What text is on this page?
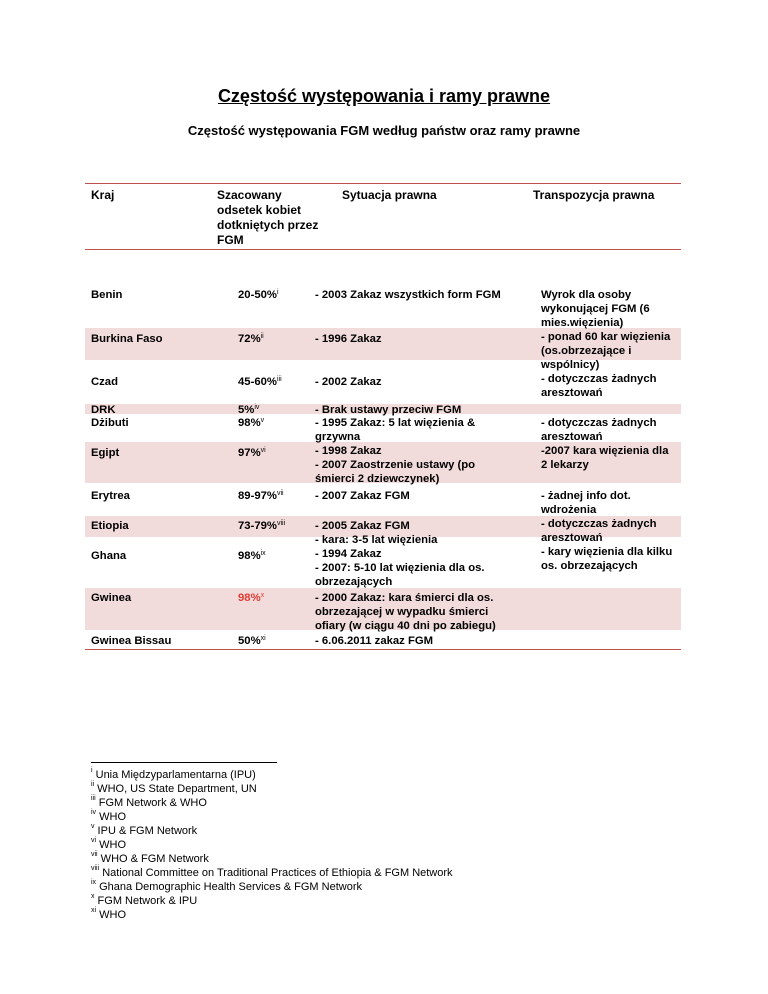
Częstość występowania i ramy prawne
Częstość występowania FGM według państw oraz ramy prawne
Kraj	Szacowany
odsetek kobiet
dotkniętych przez
FGM
Sytuacja prawna	Transpozycja prawna
Benin
Burkina Faso
Czad
DRK
Dżibuti
Egipt
Erytrea
Etiopia
Ghana
Gwinea
Gwinea Bissau
20-50%$^i$
72%$^{ii}$
45-60%$^{iii}$
5%$^{iv}$
98%$^v$
97%$^{vi}$
89-97%$^{vii}$
73-79%$^{viii}$
98%$^{ix}$
98%$^x$
50%$^{xi}$
- 2003 Zakaz wszystkich form FGM
- 1996 Zakaz
- 2002 Zakaz
- Brak ustawy przeciw FGM
- 1995 Zakaz: 5 lat więzienia &
grzywna
- 1998 Zakaz
- 2007 Zaostrzenie ustawy (po
śmierci 2 dziewczynek)
- 2007 Zakaz FGM
- 2005 Zakaz FGM
- kara: 3-5 lat więzienia
- 1994 Zakaz
- 2007: 5-10 lat więzienia dla os.
obrzezających
- 2000 Zakaz: kara śmierci dla os.
obrzezającej w wypadku śmierci
ofiary (w ciągu 40 dni po zabiegu)
- 6.06.2011 zakaz FGM
Wyrok dla osoby
wykonującej FGM (6
mies.więzienia)
- ponad 60 kar więzienia
(os.obrzezające i
wspólnicy)
- dotyczczas żadnych
aresztowań
- dotyczczas żadnych
aresztowań
-2007 kara więzienia dla
2 lekarzy
- żadnej info dot.
wdrożenia
- dotyczczas żadnych
aresztowań
- kary więzienia dla kilku
os. obrzezających
$^i$ Unia Międzyparlamentarna (IPU)
$^{ii}$ WHO, US State Department, UN
$^{iii}$ FGM Network & WHO
$^{iv}$ WHO
$^v$ IPU & FGM Network
$^{vi}$ WHO
$^{vii}$ WHO & FGM Network
$^{viii}$ National Committee on Traditional Practices of Ethiopia & FGM Network
$^{ix}$ Ghana Demographic Health Services & FGM Network
$^x$ FGM Network & IPU
$^{xi}$ WHO
